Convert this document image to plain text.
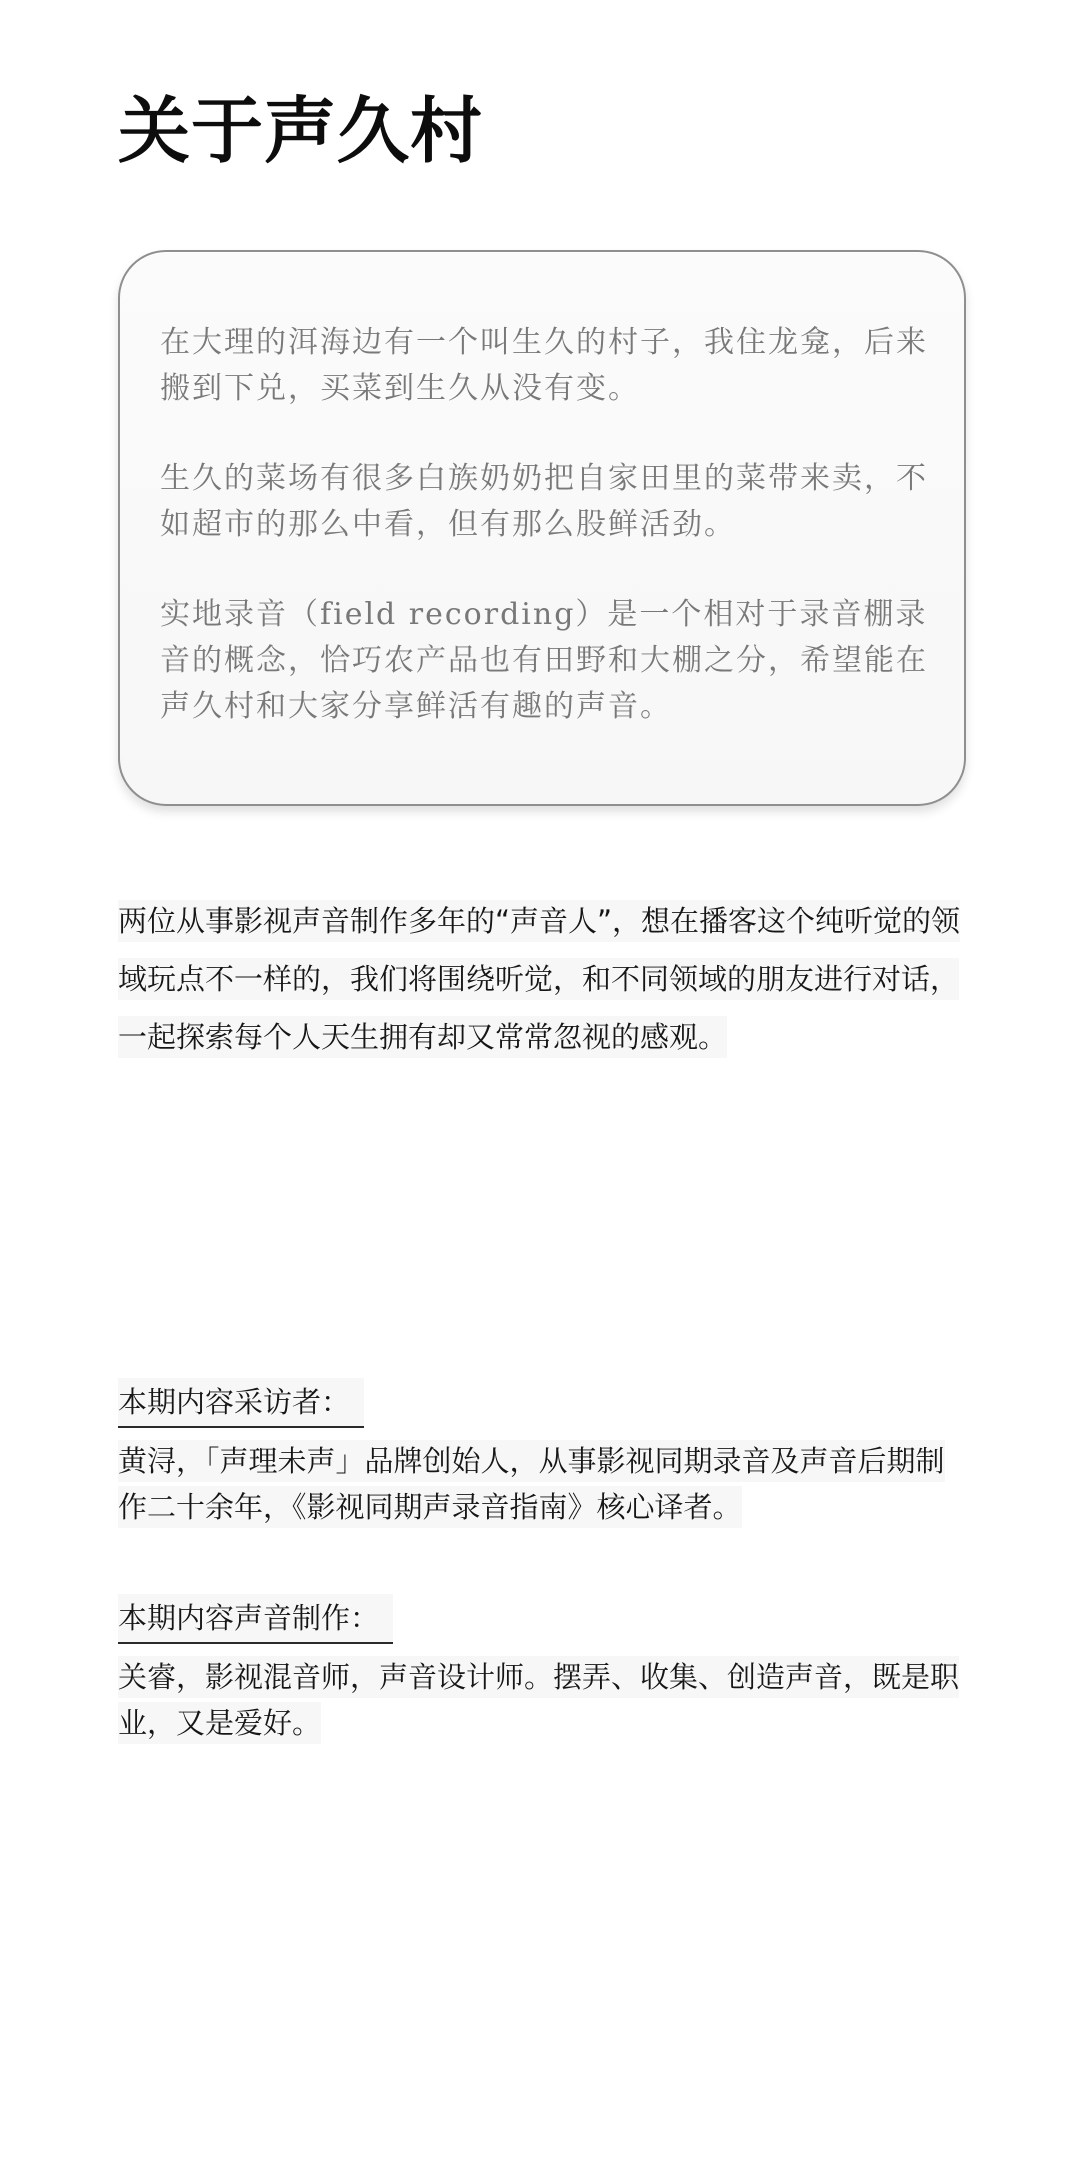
关于声久村

在大理的洱海边有一个叫生久的村子，我住龙龛，后来搬到下兑，买菜到生久从没有变。

生久的菜场有很多白族奶奶把自家田里的菜带来卖，不如超市的那么中看，但有那么股鲜活劲。

实地录音（field recording）是一个相对于录音棚录音的概念，恰巧农产品也有田野和大棚之分，希望能在声久村和大家分享鲜活有趣的声音。

两位从事影视声音制作多年的“声音人”，想在播客这个纯听觉的领域玩点不一样的，我们将围绕听觉，和不同领域的朋友进行对话，一起探索每个人天生拥有却又常常忽视的感观。

本期内容采访者：

黄浔，「声理未声」品牌创始人，从事影视同期录音及声音后期制作二十余年，《影视同期声录音指南》核心译者。

本期内容声音制作：

关睿，影视混音师，声音设计师。摆弄、收集、创造声音，既是职业，又是爱好。
